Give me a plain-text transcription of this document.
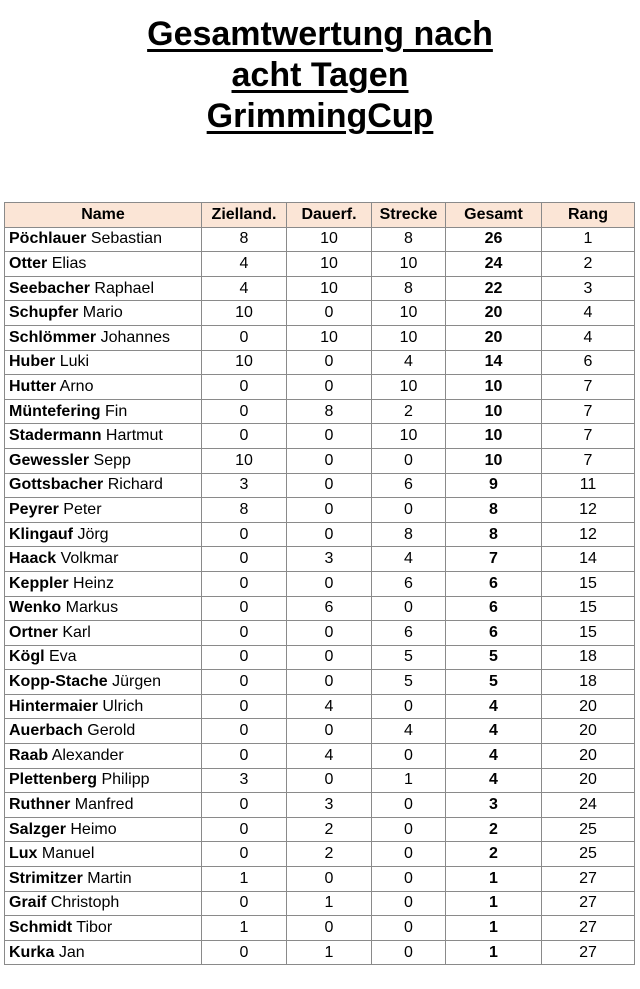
Gesamtwertung nach
acht Tagen
GrimmingCup
Name	Zielland.	Dauerf.	Strecke	Gesamt	Rang
Pöchlauer Sebastian	8	10	8	26	1
Otter Elias	4	10	10	24	2
Seebacher Raphael	4	10	8	22	3
Schupfer Mario	10	0	10	20	4
Schlömmer Johannes	0	10	10	20	4
Huber Luki	10	0	4	14	6
Hutter Arno	0	0	10	10	7
Müntefering Fin	0	8	2	10	7
Stadermann Hartmut	0	0	10	10	7
Gewessler Sepp	10	0	0	10	7
Gottsbacher Richard	3	0	6	9	11
Peyrer Peter	8	0	0	8	12
Klingauf Jörg	0	0	8	8	12
Haack Volkmar	0	3	4	7	14
Keppler Heinz	0	0	6	6	15
Wenko Markus	0	6	0	6	15
Ortner Karl	0	0	6	6	15
Kögl Eva	0	0	5	5	18
Kopp-Stache Jürgen	0	0	5	5	18
Hintermaier Ulrich	0	4	0	4	20
Auerbach Gerold	0	0	4	4	20
Raab Alexander	0	4	0	4	20
Plettenberg Philipp	3	0	1	4	20
Ruthner Manfred	0	3	0	3	24
Salzger Heimo	0	2	0	2	25
Lux Manuel	0	2	0	2	25
Strimitzer Martin	1	0	0	1	27
Graif Christoph	0	1	0	1	27
Schmidt Tibor	1	0	0	1	27
Kurka Jan	0	1	0	1	27
